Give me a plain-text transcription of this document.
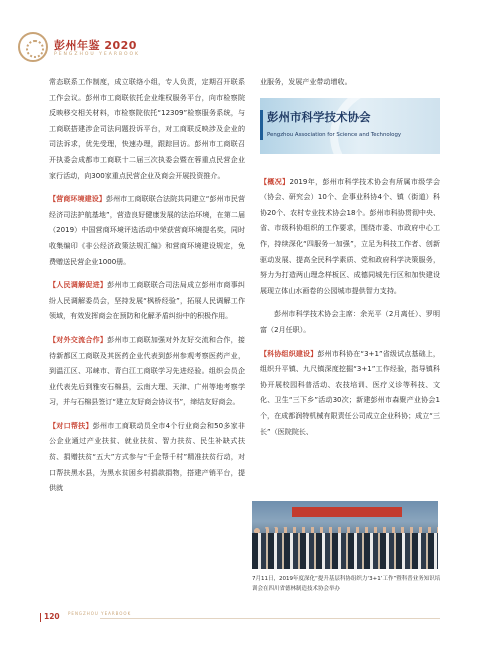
彭州年鉴 2020
PENGZHOU YEARBOOK

常态联系工作制度，成立联络小组，专人负责，定期召开联系工作会议。彭州市工商联依托企业维权服务平台，向市检察院反映移交相关材料，市检察院依托“12309”检察服务系统，与工商联搭建涉企司法问题投诉平台，对工商联反映涉及企业的司法诉求，优先受理，快速办理，跟踪回访。彭州市工商联召开执委会成都市工商联十二届三次执委会暨在蓉重点民营企业家行活动，向300家重点民营企业及商会开展投资推介。

【营商环境建设】彭州市工商联联合法院共同建立“彭州市民营经济司法护航基地”，营造良好健康发展的法治环境，在第二届（2019）中国营商环境评选活动中荣获营商环境提名奖，同时收集编印《非公经济政策法规汇编》和营商环境建设规定，免费赠送民营企业1000册。

【人民调解促进】彭州市工商联联合司法局成立彭州市商事纠纷人民调解委员会，坚持发展“枫桥经验”，拓展人民调解工作领域，有效发挥商会在预防和化解矛盾纠纷中的积极作用。

【对外交流合作】彭州市工商联加强对外友好交流和合作，接待新都区工商联及其医药企业代表到彭州参观考察医药产业，到温江区、邛崃市、青白江工商联学习先进经验。组织会员企业代表先后到雅安石棉县，云南大理、天津、广州等地考察学习，并与石棉县签订“建立友好商会协议书”，缔结友好商会。

【对口帮扶】彭州市工商联动员全市4个行业商会和50多家非公企业通过产业扶贫、就业扶贫、智力扶贫、民生补缺式扶贫、捐赠扶贫“五大”方式参与“千企帮千村”精准扶贫行动，对口帮扶黑水县，为黑水贫困乡村捐款捐物，搭建产销平台，提供就

业服务，发展产业带动增收。

彭州市科学技术协会
Pengzhou Association for Science and Technology

【概况】2019年，彭州市科学技术协会有所属市级学会（协会、研究会）10个、企事业科协4个、镇（街道）科协20个、农村专业技术协会18个。彭州市科协贯彻中央、省、市级科协组织的工作要求，围绕市委、市政府中心工作，持续深化“四服务一加强”，立足为科技工作者、创新驱动发展、提高全民科学素质、党和政府科学决策服务，努力为打造两山理念样板区、成德同城先行区和加快建设展现立体山水画卷的公园城市提供智力支持。

彭州市科学技术协会主席：余光平（2月离任）、罗明富（2月任职）。

【科协组织建设】彭州市科协在“3+1”省级试点基础上，组织升平镇、九尺镇深度挖掘“3+1”工作经验，指导镇科协开展校园科普活动、农技培训、医疗义诊等科技、文化、卫生“三下乡”活动30次；新建彭州市森聚产业协会1个，在成都润特机械有限责任公司成立企业科协；成立“三长”（医院院长、

7月11日，2019年度深化“提升基层科协组织力‘3+1’工作”暨科普业务知识培训会在四川省德林制造技术协会举办
120 PENGZHOU YEARBOOK
